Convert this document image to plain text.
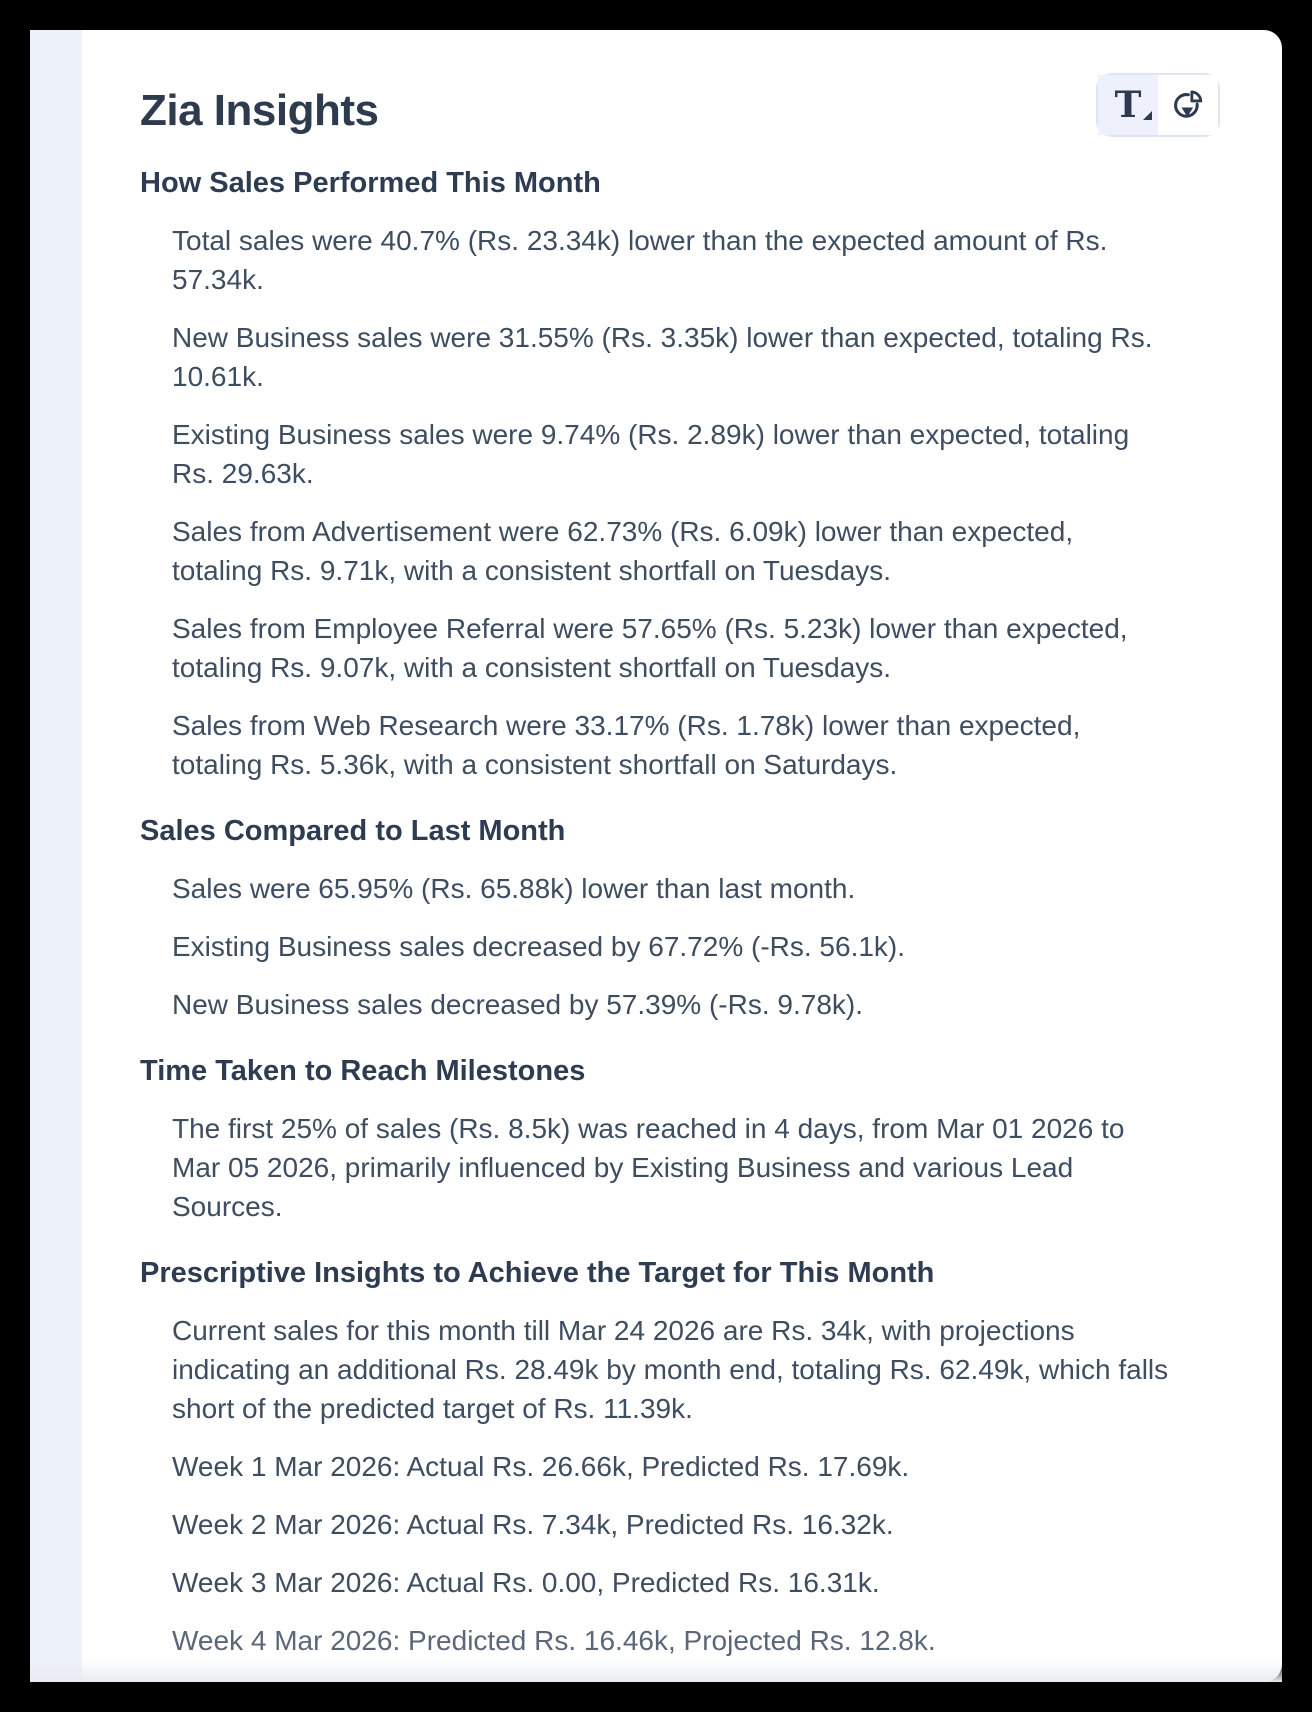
Zia Insights	T
How Sales Performed This Month

Total sales were 40.7% (Rs. 23.34k) lower than the expected amount of Rs. 57.34k.

New Business sales were 31.55% (Rs. 3.35k) lower than expected, totaling Rs. 10.61k.

Existing Business sales were 9.74% (Rs. 2.89k) lower than expected, totaling Rs. 29.63k.

Sales from Advertisement were 62.73% (Rs. 6.09k) lower than expected, totaling Rs. 9.71k, with a consistent shortfall on Tuesdays.

Sales from Employee Referral were 57.65% (Rs. 5.23k) lower than expected, totaling Rs. 9.07k, with a consistent shortfall on Tuesdays.

Sales from Web Research were 33.17% (Rs. 1.78k) lower than expected, totaling Rs. 5.36k, with a consistent shortfall on Saturdays.

Sales Compared to Last Month

Sales were 65.95% (Rs. 65.88k) lower than last month.

Existing Business sales decreased by 67.72% (-Rs. 56.1k).

New Business sales decreased by 57.39% (-Rs. 9.78k).

Time Taken to Reach Milestones

The first 25% of sales (Rs. 8.5k) was reached in 4 days, from Mar 01 2026 to Mar 05 2026, primarily influenced by Existing Business and various Lead Sources.

Prescriptive Insights to Achieve the Target for This Month

Current sales for this month till Mar 24 2026 are Rs. 34k, with projections indicating an additional Rs. 28.49k by month end, totaling Rs. 62.49k, which falls short of the predicted target of Rs. 11.39k.

Week 1 Mar 2026: Actual Rs. 26.66k, Predicted Rs. 17.69k.

Week 2 Mar 2026: Actual Rs. 7.34k, Predicted Rs. 16.32k.

Week 3 Mar 2026: Actual Rs. 0.00, Predicted Rs. 16.31k.

Week 4 Mar 2026: Predicted Rs. 16.46k, Projected Rs. 12.8k.
